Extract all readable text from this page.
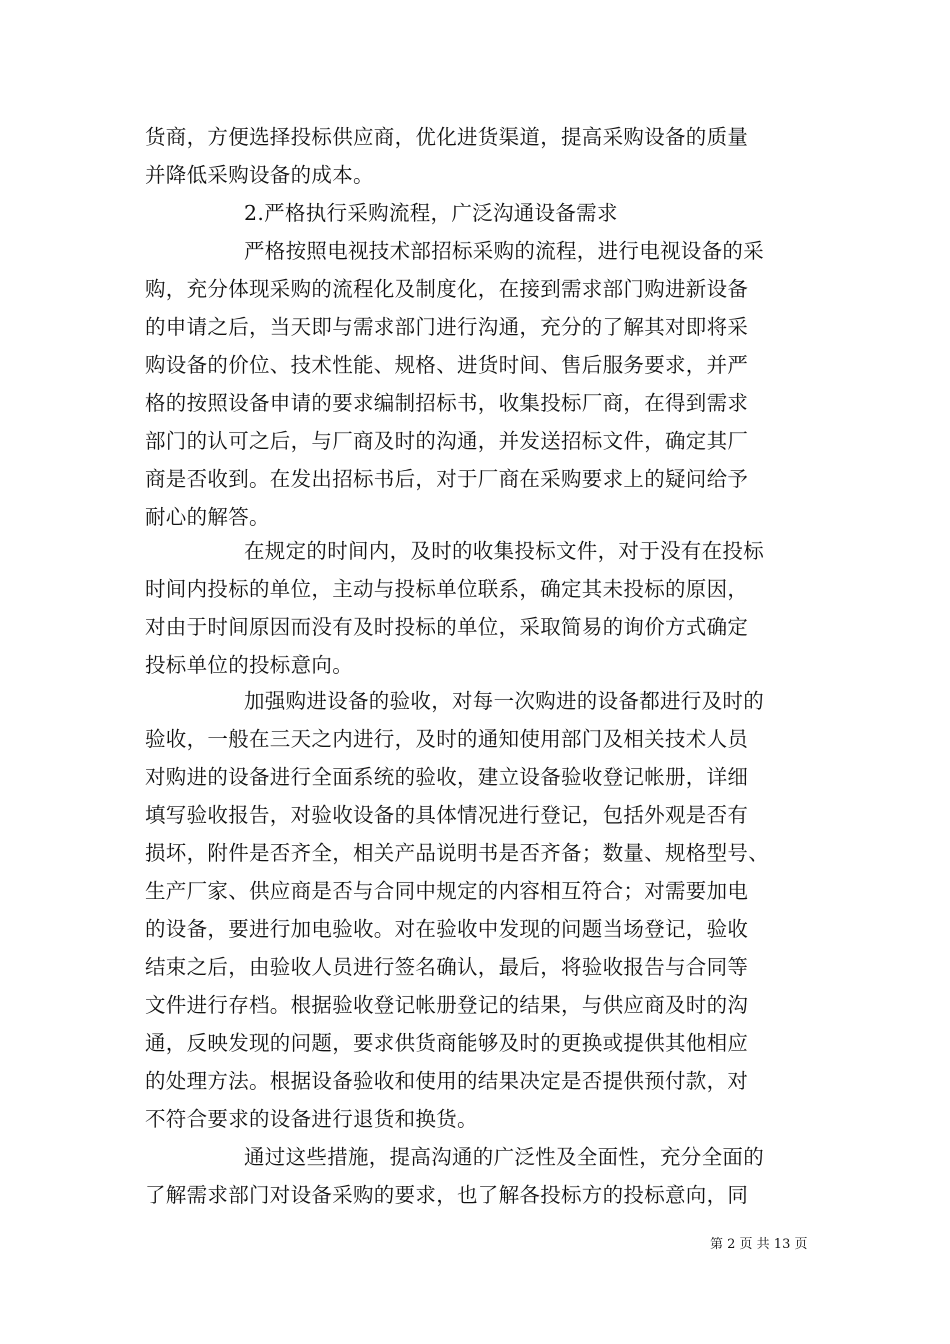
货商，方便选择投标供应商，优化进货渠道，提高采购设备的质量
并降低采购设备的成本。
2.严格执行采购流程，广泛沟通设备需求
严格按照电视技术部招标采购的流程，进行电视设备的采
购，充分体现采购的流程化及制度化，在接到需求部门购进新设备
的申请之后，当天即与需求部门进行沟通，充分的了解其对即将采
购设备的价位、技术性能、规格、进货时间、售后服务要求，并严
格的按照设备申请的要求编制招标书，收集投标厂商，在得到需求
部门的认可之后，与厂商及时的沟通，并发送招标文件，确定其厂
商是否收到。在发出招标书后，对于厂商在采购要求上的疑问给予
耐心的解答。
在规定的时间内，及时的收集投标文件，对于没有在投标
时间内投标的单位，主动与投标单位联系，确定其未投标的原因，
对由于时间原因而没有及时投标的单位，采取简易的询价方式确定
投标单位的投标意向。
加强购进设备的验收，对每一次购进的设备都进行及时的
验收，一般在三天之内进行，及时的通知使用部门及相关技术人员
对购进的设备进行全面系统的验收，建立设备验收登记帐册，详细
填写验收报告，对验收设备的具体情况进行登记，包括外观是否有
损坏，附件是否齐全，相关产品说明书是否齐备；数量、规格型号、
生产厂家、供应商是否与合同中规定的内容相互符合；对需要加电
的设备，要进行加电验收。对在验收中发现的问题当场登记，验收
结束之后，由验收人员进行签名确认，最后，将验收报告与合同等
文件进行存档。根据验收登记帐册登记的结果，与供应商及时的沟
通，反映发现的问题，要求供货商能够及时的更换或提供其他相应
的处理方法。根据设备验收和使用的结果决定是否提供预付款，对
不符合要求的设备进行退货和换货。
通过这些措施，提高沟通的广泛性及全面性，充分全面的
了解需求部门对设备采购的要求，也了解各投标方的投标意向，同
第 2 页 共 13 页
